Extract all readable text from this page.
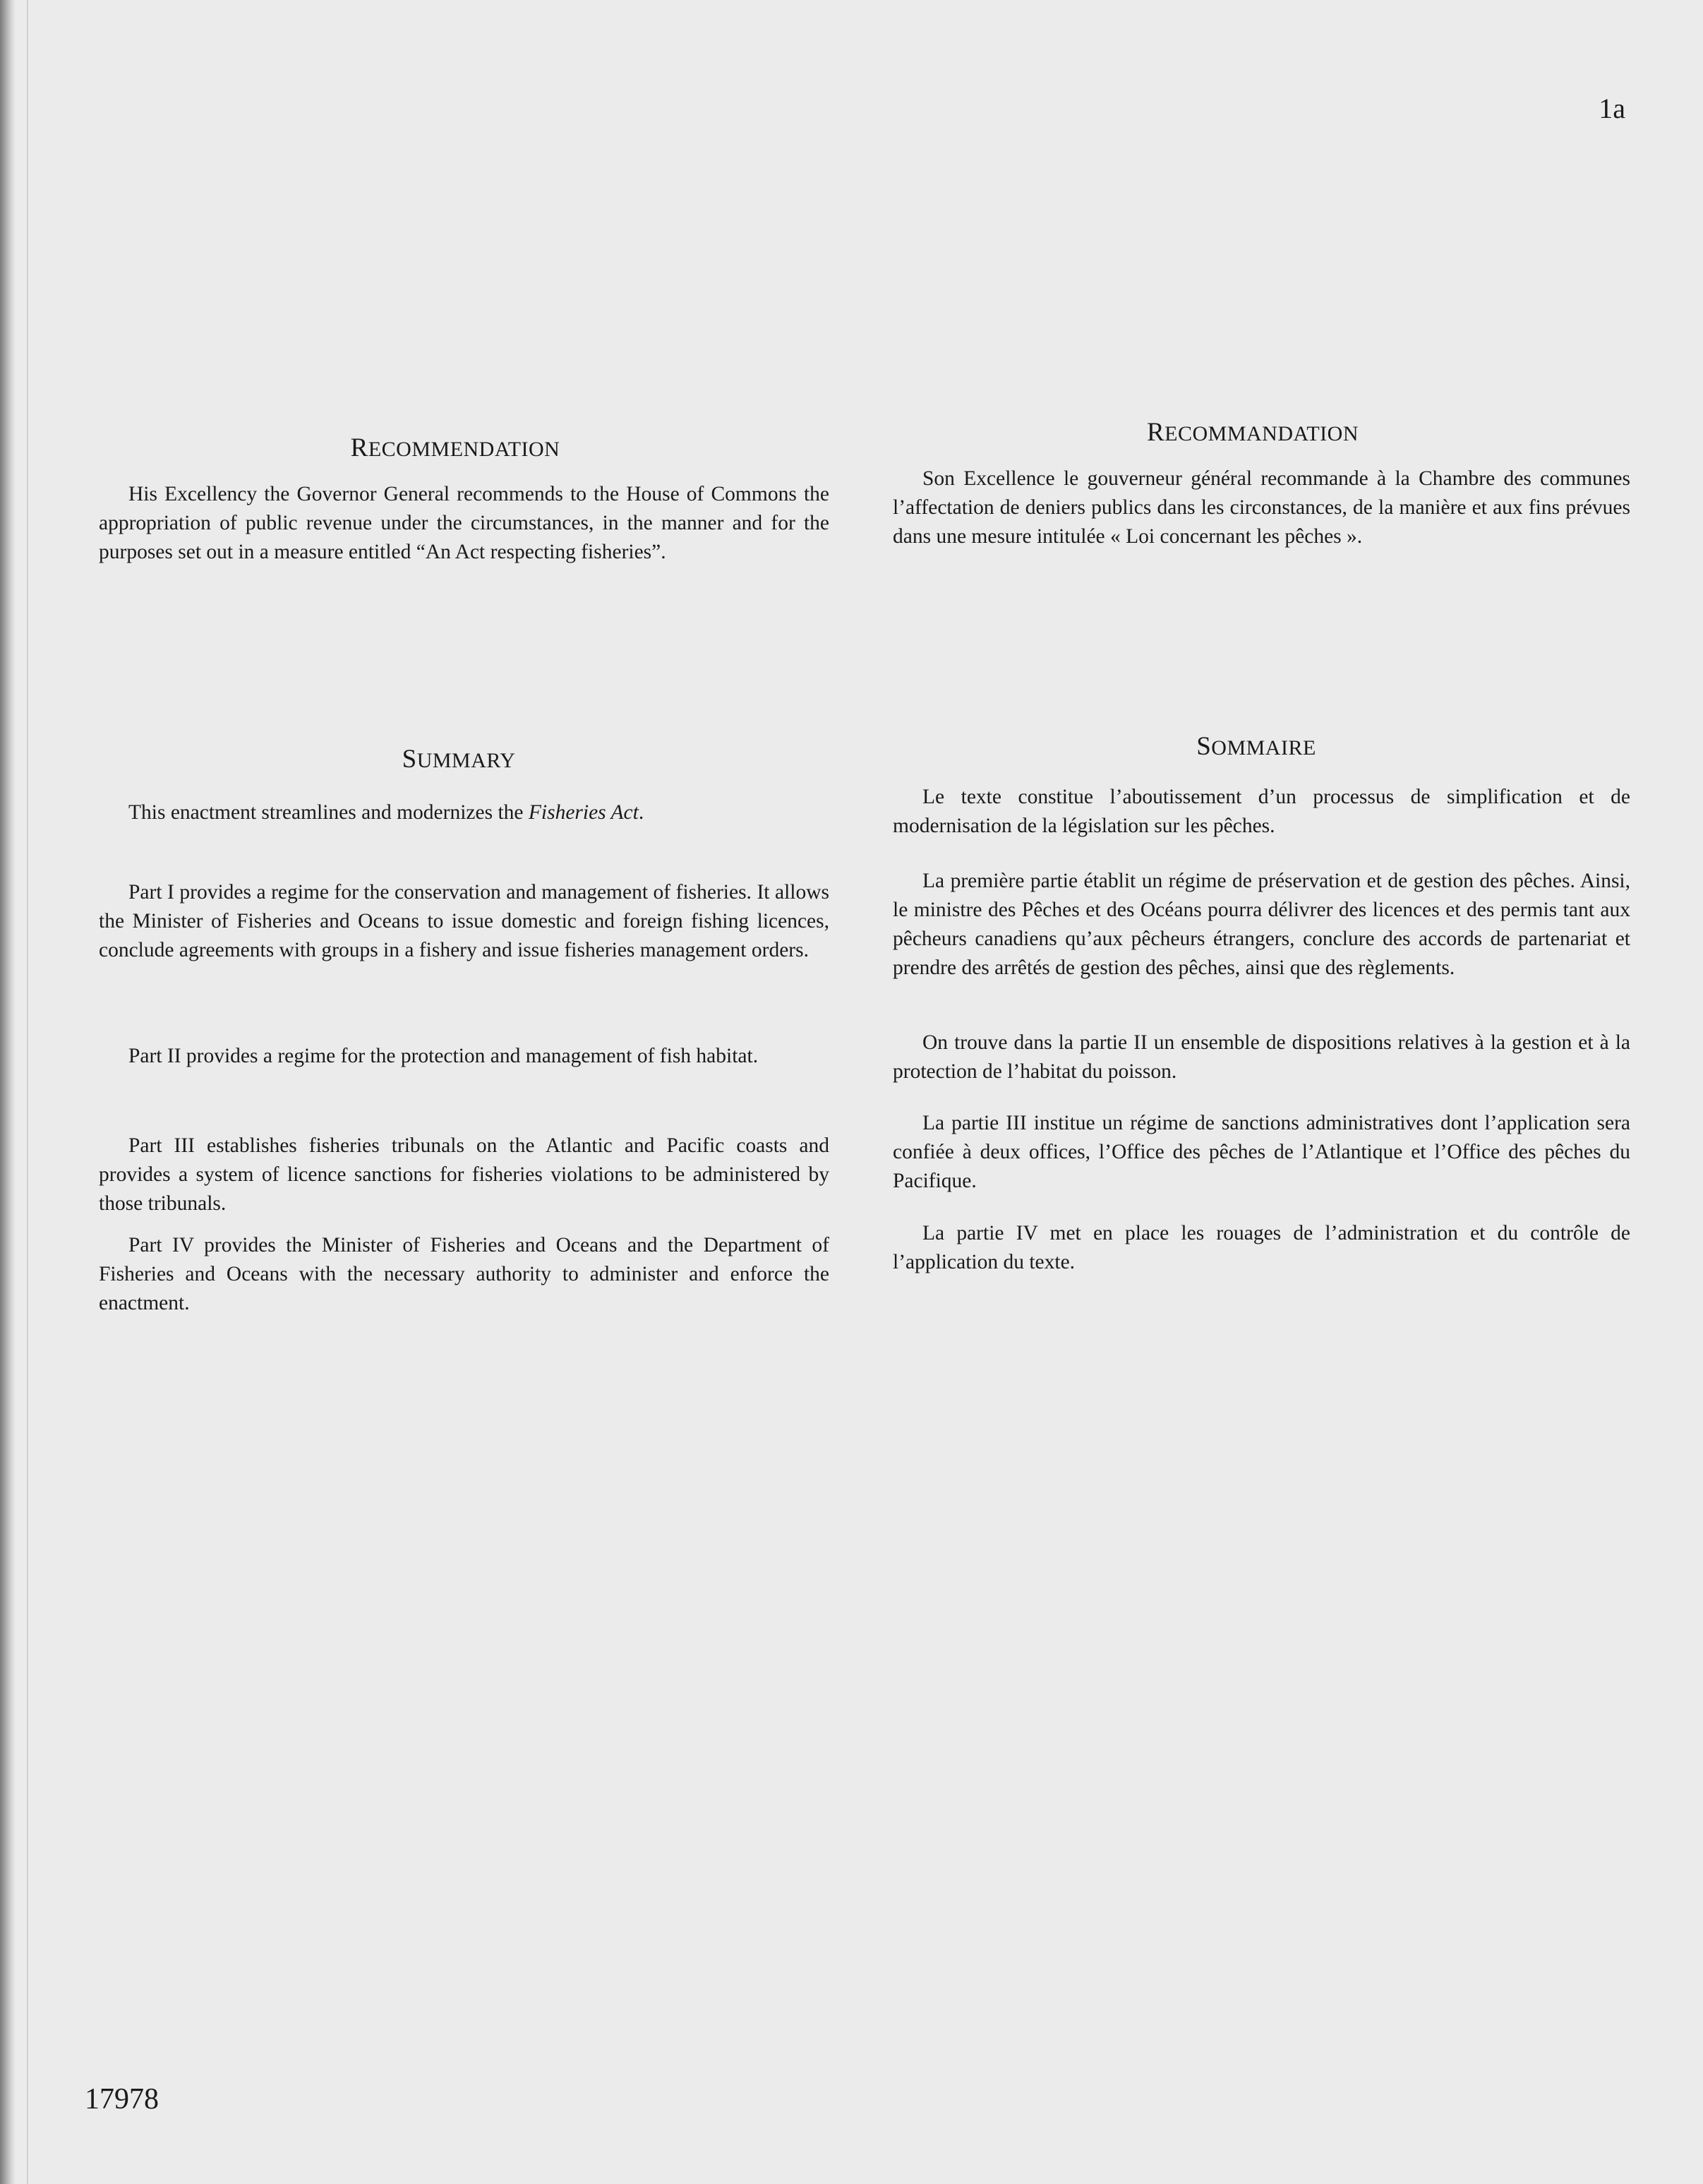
1a
RECOMMENDATION

His Excellency the Governor General recommends to the House of Commons the appropriation of public revenue under the circumstances, in the manner and for the purposes set out in a measure entitled “An Act respecting fisheries”.

SUMMARY

This enactment streamlines and modernizes the Fisheries Act.

Part I provides a regime for the conservation and management of fisheries. It allows the Minister of Fisheries and Oceans to issue domestic and foreign fishing licences, conclude agreements with groups in a fishery and issue fisheries management orders.

Part II provides a regime for the protection and management of fish habitat.

Part III establishes fisheries tribunals on the Atlantic and Pacific coasts and provides a system of licence sanctions for fisheries violations to be administered by those tribunals.

Part IV provides the Minister of Fisheries and Oceans and the Department of Fisheries and Oceans with the necessary authority to administer and enforce the enactment.

RECOMMANDATION

Son Excellence le gouverneur général recommande à la Chambre des communes l’affectation de deniers publics dans les circonstances, de la manière et aux fins prévues dans une mesure intitulée « Loi concernant les pêches ».

SOMMAIRE

Le texte constitue l’aboutissement d’un processus de simplification et de modernisation de la législation sur les pêches.

La première partie établit un régime de préservation et de gestion des pêches. Ainsi, le ministre des Pêches et des Océans pourra délivrer des licences et des permis tant aux pêcheurs canadiens qu’aux pêcheurs étrangers, conclure des accords de partenariat et prendre des arrêtés de gestion des pêches, ainsi que des règlements.

On trouve dans la partie II un ensemble de dispositions relatives à la gestion et à la protection de l’habitat du poisson.

La partie III institue un régime de sanctions administratives dont l’application sera confiée à deux offices, l’Office des pêches de l’Atlantique et l’Office des pêches du Pacifique.

La partie IV met en place les rouages de l’administration et du contrôle de l’application du texte.

17978
